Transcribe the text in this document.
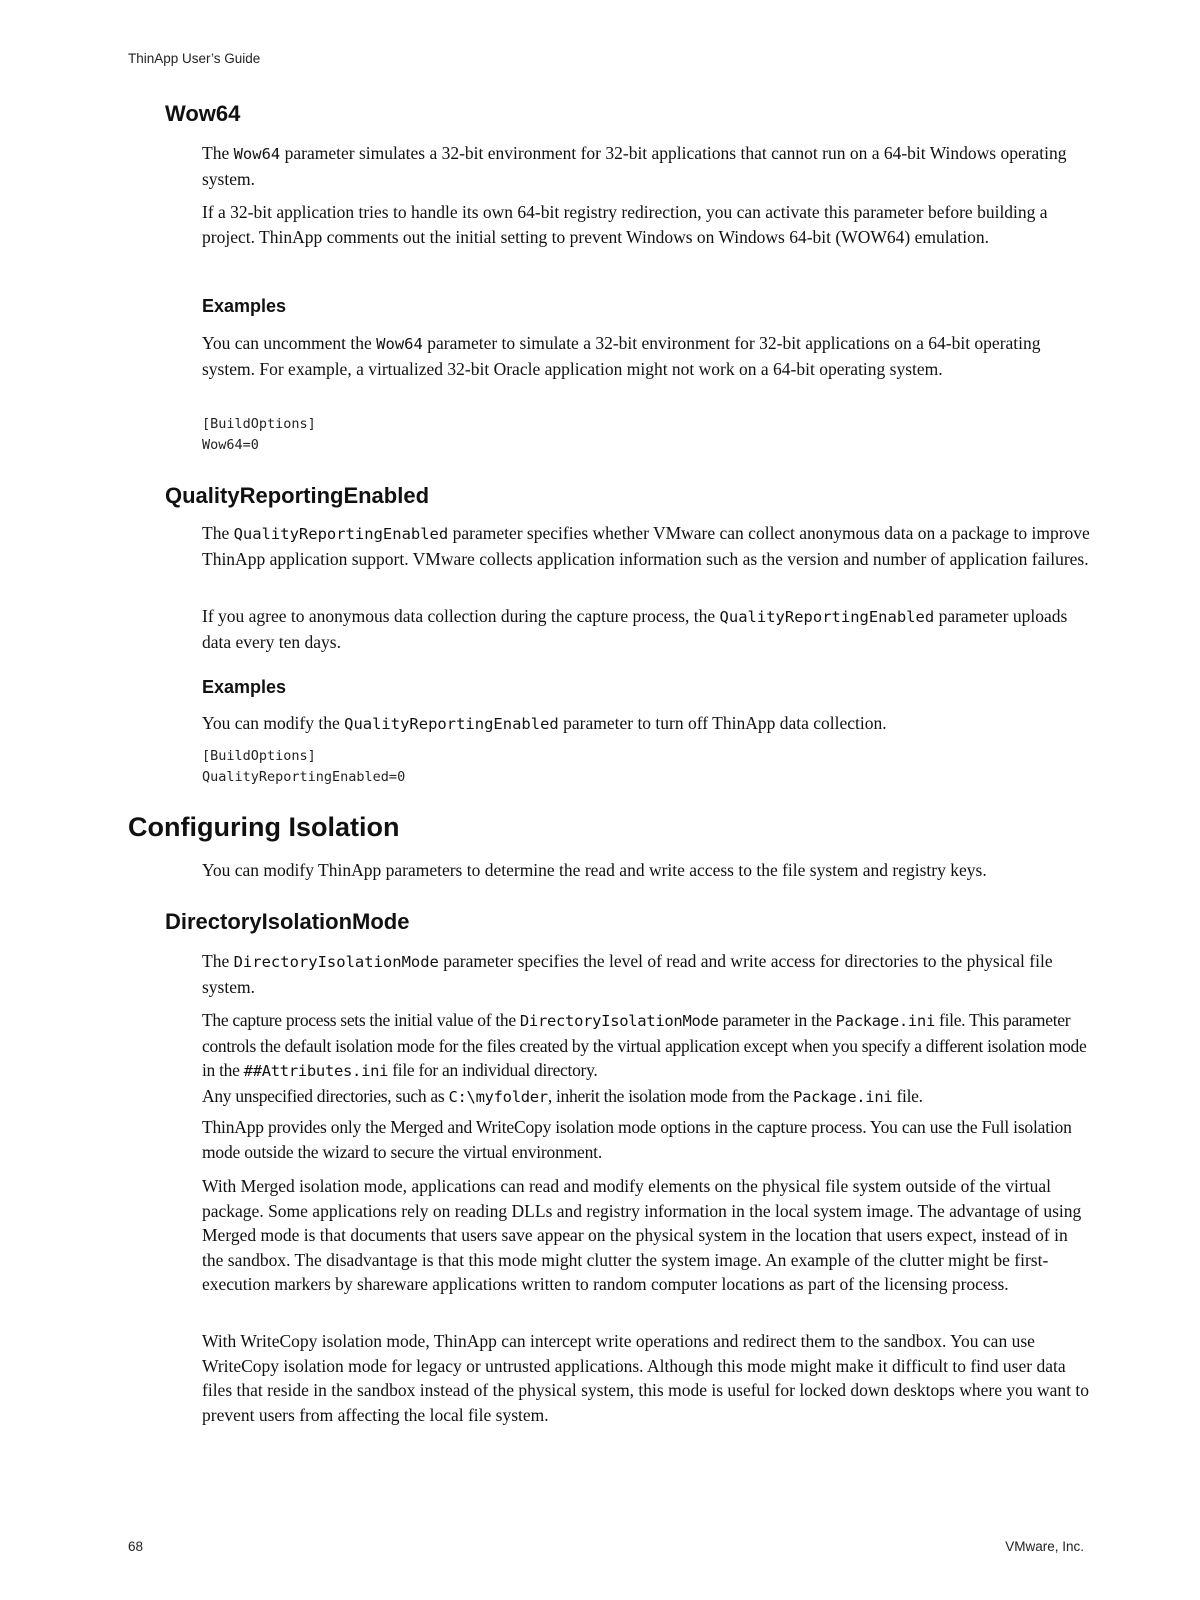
ThinApp User’s Guide
Wow64

The Wow64 parameter simulates a 32-bit environment for 32-bit applications that cannot run on a 64-bit Windows operating system.

If a 32-bit application tries to handle its own 64-bit registry redirection, you can activate this parameter before building a project. ThinApp comments out the initial setting to prevent Windows on Windows 64-bit (WOW64) emulation.

Examples

You can uncomment the Wow64 parameter to simulate a 32-bit environment for 32-bit applications on a 64-bit operating system. For example, a virtualized 32-bit Oracle application might not work on a 64-bit operating system.

[BuildOptions]
Wow64=0
QualityReportingEnabled

The QualityReportingEnabled parameter specifies whether VMware can collect anonymous data on a package to improve ThinApp application support. VMware collects application information such as the version and number of application failures.

If you agree to anonymous data collection during the capture process, the QualityReportingEnabled parameter uploads data every ten days.

Examples

You can modify the QualityReportingEnabled parameter to turn off ThinApp data collection.

[BuildOptions]
QualityReportingEnabled=0
Configuring Isolation

You can modify ThinApp parameters to determine the read and write access to the file system and registry keys.

DirectoryIsolationMode

The DirectoryIsolationMode parameter specifies the level of read and write access for directories to the physical file system.

The capture process sets the initial value of the DirectoryIsolationMode parameter in the Package.ini file. This parameter controls the default isolation mode for the files created by the virtual application except when you specify a different isolation mode in the ##Attributes.ini file for an individual directory.
Any unspecified directories, such as C:\myfolder, inherit the isolation mode from the Package.ini file.

ThinApp provides only the Merged and WriteCopy isolation mode options in the capture process. You can use the Full isolation mode outside the wizard to secure the virtual environment.

With Merged isolation mode, applications can read and modify elements on the physical file system outside of the virtual package. Some applications rely on reading DLLs and registry information in the local system image. The advantage of using Merged mode is that documents that users save appear on the physical system in the location that users expect, instead of in the sandbox. The disadvantage is that this mode might clutter the system image. An example of the clutter might be first-execution markers by shareware applications written to random computer locations as part of the licensing process.

With WriteCopy isolation mode, ThinApp can intercept write operations and redirect them to the sandbox. You can use WriteCopy isolation mode for legacy or untrusted applications. Although this mode might make it difficult to find user data files that reside in the sandbox instead of the physical system, this mode is useful for locked down desktops where you want to prevent users from affecting the local file system.

68	VMware, Inc.
